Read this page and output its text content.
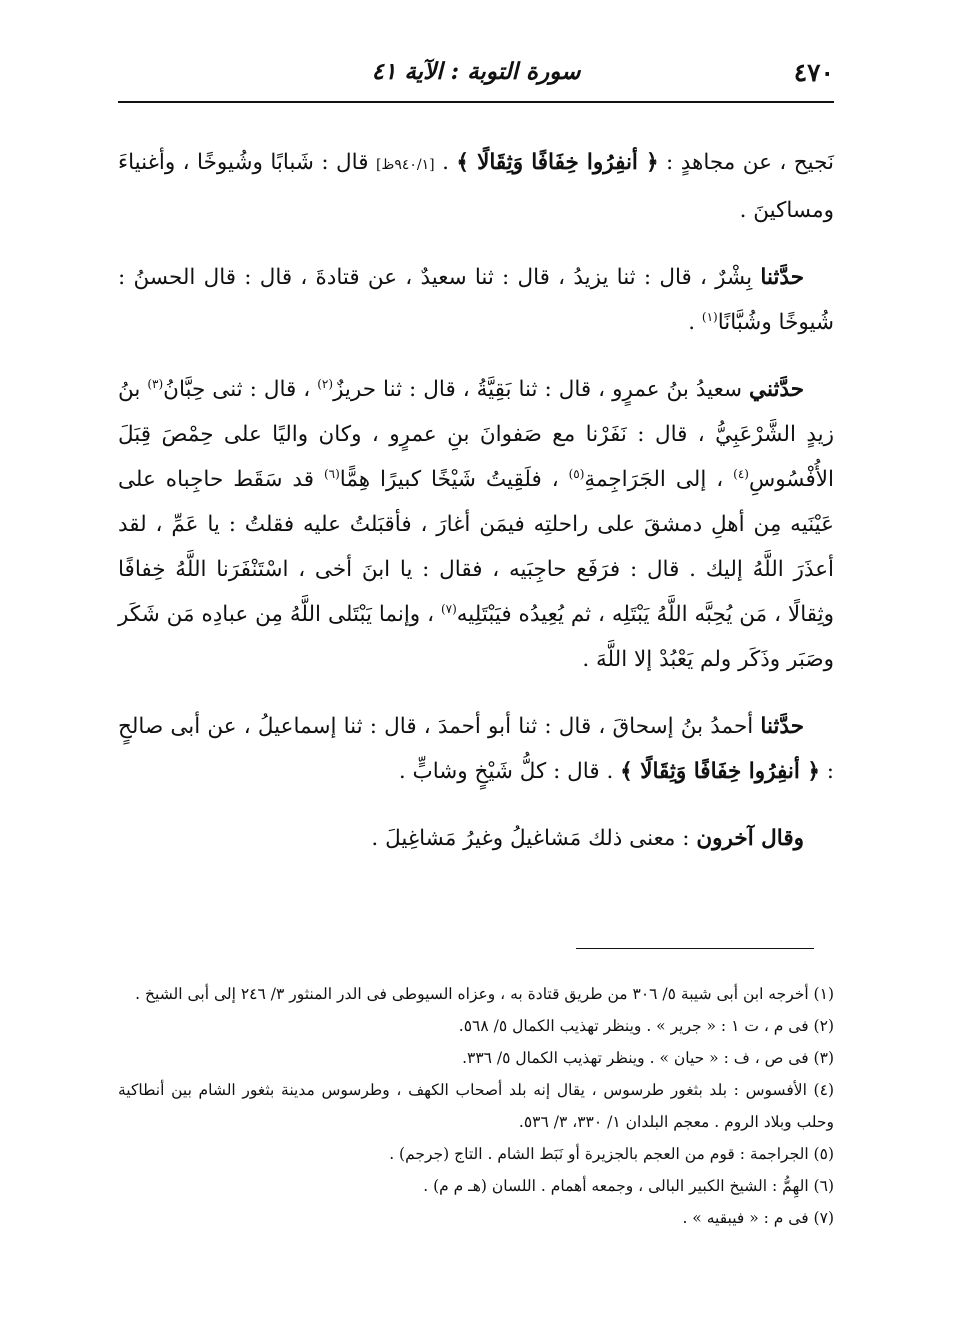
٤٧٠
سورة التوبة : الآية ٤١

نَجيح ، عن مجاهدٍ : ﴿ أنفِرُوا خِفَافًا وَثِقَالًا ﴾ . [٩٤٠/١ظ] قال : شَبابًا وشُيوخًا ، وأغنياءَ ومساكينَ .

حدَّثنا بِشْرٌ ، قال : ثنا يزيدُ ، قال : ثنا سعيدٌ ، عن قتادةَ ، قال : قال الحسنُ : شُيوخًا وشُبَّانًا$^{(١)}$ .

حدَّثني سعيدُ بنُ عمرٍو ، قال : ثنا بَقِيَّةُ ، قال : ثنا حريزٌ$^{(٢)}$ ، قال : ثنى حِبَّانُ$^{(٣)}$ بنُ زيدٍ الشَّرْعَبِيُّ ، قال : نَفَرْنا مع صَفوانَ بنِ عمرٍو ، وكان واليًا على حِمْصَ قِبَلَ الأُفْسُوسِ$^{(٤)}$ ، إلى الجَرَاجِمةِ$^{(٥)}$ ، فلَقِيتُ شَيْخًا كبيرًا هِمًّا$^{(٦)}$ قد سَقَط حاجِباه على عَيْنَيه مِن أهلِ دمشقَ على راحلتِه فيمَن أغارَ ، فأقبَلتُ عليه فقلتُ : يا عَمِّ ، لقد أعذَرَ اللَّهُ إليك . قال : فرَفَع حاجِبَيه ، فقال : يا ابنَ أخى ، اسْتَنْفَرَنا اللَّهُ خِفافًا وثِقالًا ، مَن يُحِبَّه اللَّهُ يَبْتَلِه ، ثم يُعِيدُه فيَبْتَلِيه$^{(٧)}$ ، وإنما يَبْتَلى اللَّهُ مِن عبادِه مَن شَكَر وصَبَر وذَكَر ولم يَعْبُدْ إلا اللَّهَ .

حدَّثنا أحمدُ بنُ إسحاقَ ، قال : ثنا أبو أحمدَ ، قال : ثنا إسماعيلُ ، عن أبى صالحٍ : ﴿ أنفِرُوا خِفَافًا وَثِقَالًا ﴾ . قال : كلُّ شَيْخٍ وشابٍّ .

وقال آخرون : معنى ذلك مَشاغيلُ وغيرُ مَشاغِيلَ .

(١) أخرجه ابن أبى شيبة ٥/ ٣٠٦ من طريق قتادة به ، وعزاه السيوطى فى الدر المنثور ٣/ ٢٤٦ إلى أبى الشيخ .

(٢) فى م ، ت ١ : « جرير » . وينظر تهذيب الكمال ٥/ ٥٦٨.

(٣) فى ص ، ف : « حيان » . وينظر تهذيب الكمال ٥/ ٣٣٦.

(٤) الأفسوس : بلد بثغور طرسوس ، يقال إنه بلد أصحاب الكهف ، وطرسوس مدينة بثغور الشام بين أنطاكية وحلب وبلاد الروم . معجم البلدان ١/ ٣٣٠، ٣/ ٥٣٦.

(٥) الجراجمة : قوم من العجم بالجزيرة أو نَبَط الشام . التاج (جرجم) .

(٦) الهِمُّ : الشيخ الكبير البالى ، وجمعه أهمام . اللسان (هـ م م) .

(٧) فى م : « فيبقيه » .
